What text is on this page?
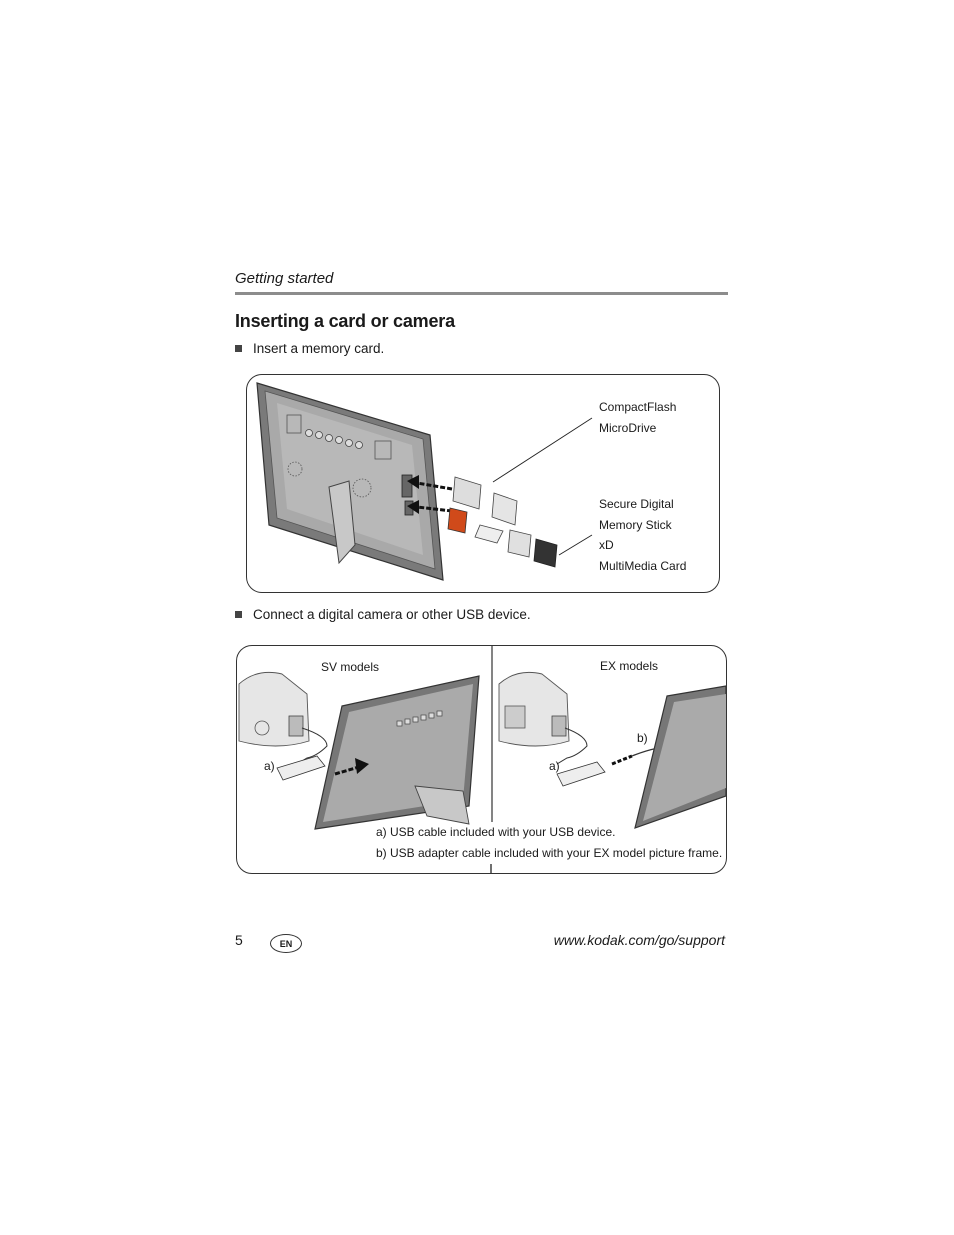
Getting started
Inserting a card or camera
Insert a memory card.
CompactFlash
MicroDrive
Secure Digital
Memory Stick
xD
MultiMedia Card
Connect a digital camera or other USB device.
SV models	EX models
a)	a)
b)
a) USB cable included with your USB device.
b) USB adapter cable included with your EX model picture frame.
5	EN	www.kodak.com/go/support
